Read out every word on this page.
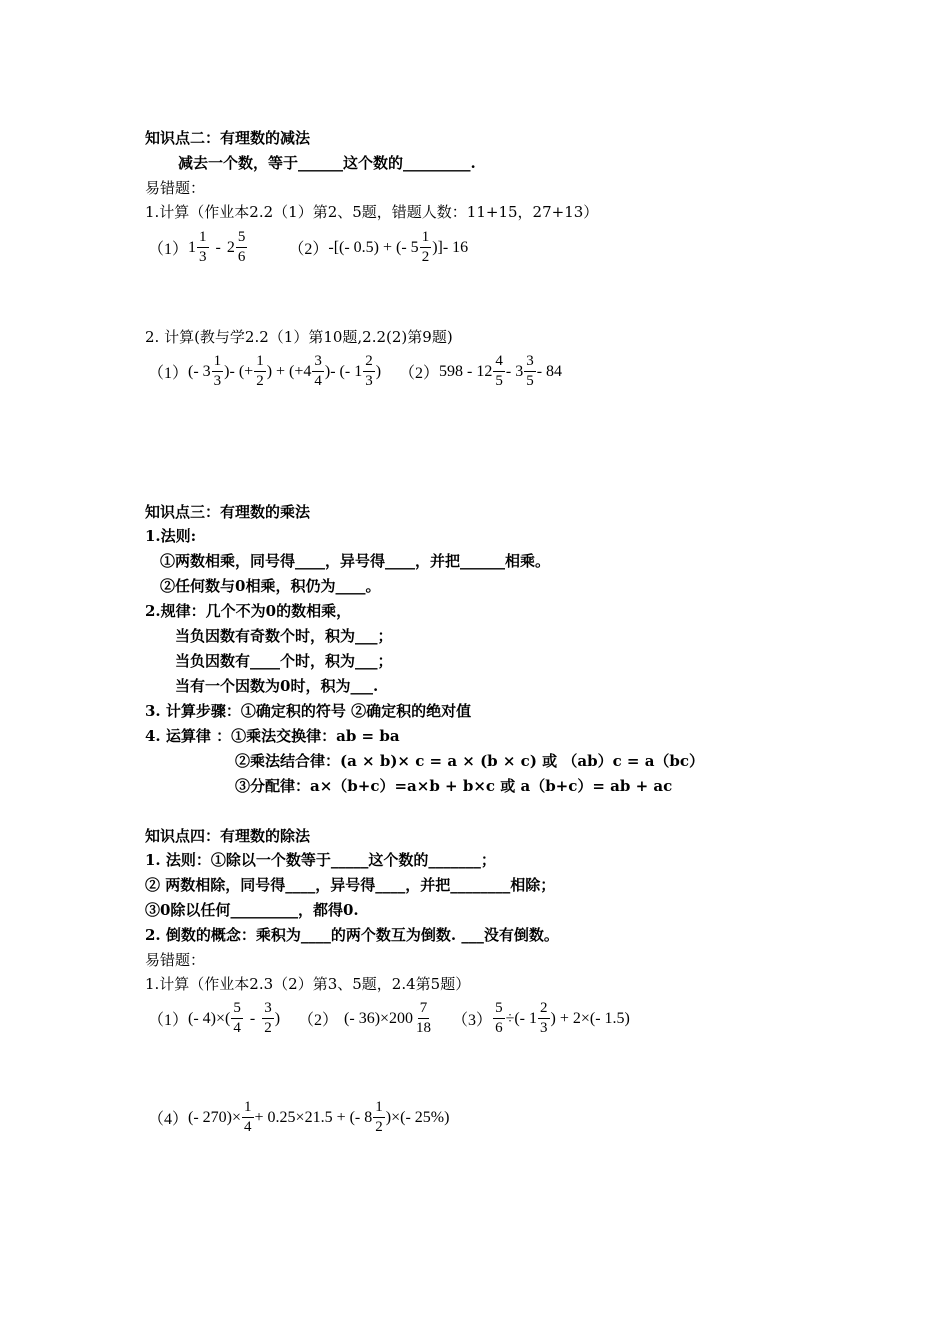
知识点二：有理数的减法
减去一个数，等于______这个数的_________.
易错题：
1.计算（作业本2.2（1）第2、5题，错题人数：11+15，27+13）
（1） $1 \frac{1}{3} - 2 \frac{5}{6}$	（2） -[(- 0.5) + (- $5 \frac{1}{2}$ )]- 16
2. 计算(教与学2.2（1）第10题,2.2(2)第9题)
（1） (- $3 \frac{1}{3}$ )- (+ $\frac{1}{2}$ ) + ($+4 \frac{3}{4}$ )- (- $1 \frac{2}{3}$ ) （2） $598 - 12 \frac{4}{5} - 3 \frac{3}{5} - 84$
知识点三：有理数的乘法
1.法则:
①两数相乘，同号得____，异号得____，并把______相乘。
②任何数与0相乘，积仍为____。
2.规律：几个不为0的数相乘，
当负因数有奇数个时，积为___；
当负因数有____个时，积为___；
当有一个因数为0时，积为___.
3. 计算步骤：①确定积的符号 ②确定积的绝对值
4. 运算律 ：①乘法交换律：ab = ba
②乘法结合律：(a × b)× c = a × (b × c) 或 （ab）c = a（bc）
③分配律：a×（b+c）=a×b + b×c 或 a（b+c）= ab + ac
知识点四：有理数的除法
1. 法则：①除以一个数等于_____这个数的_______；
② 两数相除，同号得____，异号得____，并把________相除；
③0除以任何_________，都得0.
2. 倒数的概念：乘积为____的两个数互为倒数. ___没有倒数。
易错题：
1.计算（作业本2.3（2）第3、5题，2.4第5题）
（1） (- $4)\times( \frac{5}{4} - \frac{3}{2}$ ) （2） (- $36)\times 200 \frac{7}{18} (3) \frac{5}{6}$ ÷(- $1 \frac{2}{3}$ ) + 2×(- 1.5)
（4） (- $270)\times \frac{1}{4} + 0.25\times 21.5$ + (- $8 \frac{1}{2}$ )×(- 25%)
